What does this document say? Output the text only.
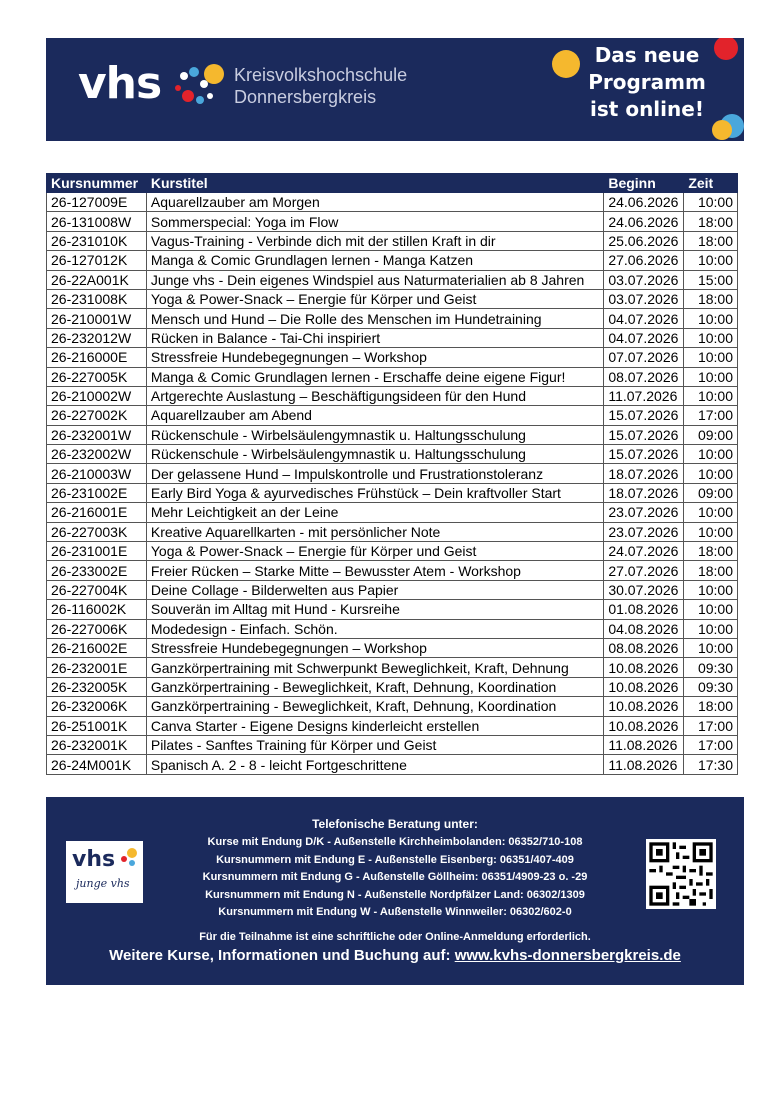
vhs	Kreisvolkshochschule
Donnersbergkreis
Das neue
Programm
ist online!
Kursnummer	Kurstitel	Beginn	Zeit
26-127009E	Aquarellzauber am Morgen	24.06.2026	10:00
26-131008W	Sommerspecial: Yoga im Flow	24.06.2026	18:00
26-231010K	Vagus-Training - Verbinde dich mit der stillen Kraft in dir	25.06.2026	18:00
26-127012K	Manga & Comic Grundlagen lernen - Manga Katzen	27.06.2026	10:00
26-22A001K	Junge vhs - Dein eigenes Windspiel aus Naturmaterialien ab 8 Jahren	03.07.2026	15:00
26-231008K	Yoga & Power-Snack – Energie für Körper und Geist	03.07.2026	18:00
26-210001W	Mensch und Hund – Die Rolle des Menschen im Hundetraining	04.07.2026	10:00
26-232012W	Rücken in Balance - Tai-Chi inspiriert	04.07.2026	10:00
26-216000E	Stressfreie Hundebegegnungen – Workshop	07.07.2026	10:00
26-227005K	Manga & Comic Grundlagen lernen - Erschaffe deine eigene Figur!	08.07.2026	10:00
26-210002W	Artgerechte Auslastung – Beschäftigungsideen für den Hund	11.07.2026	10:00
26-227002K	Aquarellzauber am Abend	15.07.2026	17:00
26-232001W	Rückenschule - Wirbelsäulengymnastik u. Haltungsschulung	15.07.2026	09:00
26-232002W	Rückenschule - Wirbelsäulengymnastik u. Haltungsschulung	15.07.2026	10:00
26-210003W	Der gelassene Hund – Impulskontrolle und Frustrationstoleranz	18.07.2026	10:00
26-231002E	Early Bird Yoga & ayurvedisches Frühstück – Dein kraftvoller Start	18.07.2026	09:00
26-216001E	Mehr Leichtigkeit an der Leine	23.07.2026	10:00
26-227003K	Kreative Aquarellkarten - mit persönlicher Note	23.07.2026	10:00
26-231001E	Yoga & Power-Snack – Energie für Körper und Geist	24.07.2026	18:00
26-233002E	Freier Rücken – Starke Mitte – Bewusster Atem - Workshop	27.07.2026	18:00
26-227004K	Deine Collage - Bilderwelten aus Papier	30.07.2026	10:00
26-116002K	Souverän im Alltag mit Hund - Kursreihe	01.08.2026	10:00
26-227006K	Modedesign - Einfach. Schön.	04.08.2026	10:00
26-216002E	Stressfreie Hundebegegnungen – Workshop	08.08.2026	10:00
26-232001E	Ganzkörpertraining mit Schwerpunkt Beweglichkeit, Kraft, Dehnung	10.08.2026	09:30
26-232005K	Ganzkörpertraining - Beweglichkeit, Kraft, Dehnung, Koordination	10.08.2026	09:30
26-232006K	Ganzkörpertraining - Beweglichkeit, Kraft, Dehnung, Koordination	10.08.2026	18:00
26-251001K	Canva Starter - Eigene Designs kinderleicht erstellen	10.08.2026	17:00
26-232001K	Pilates - Sanftes Training für Körper und Geist	11.08.2026	17:00
26-24M001K	Spanisch A. 2 - 8 - leicht Fortgeschrittene	11.08.2026	17:30
vhs
junge vhs
Telefonische Beratung unter:
Kurse mit Endung D/K - Außenstelle Kirchheimbolanden: 06352/710-108
Kursnummern mit Endung E - Außenstelle Eisenberg: 06351/407-409
Kursnummern mit Endung G - Außenstelle Göllheim: 06351/4909-23 o. -29
Kursnummern mit Endung N - Außenstelle Nordpfälzer Land: 06302/1309
Kursnummern mit Endung W - Außenstelle Winnweiler: 06302/602-0
Für die Teilnahme ist eine schriftliche oder Online-Anmeldung erforderlich.
Weitere Kurse, Informationen und Buchung auf: www.kvhs-donnersbergkreis.de
